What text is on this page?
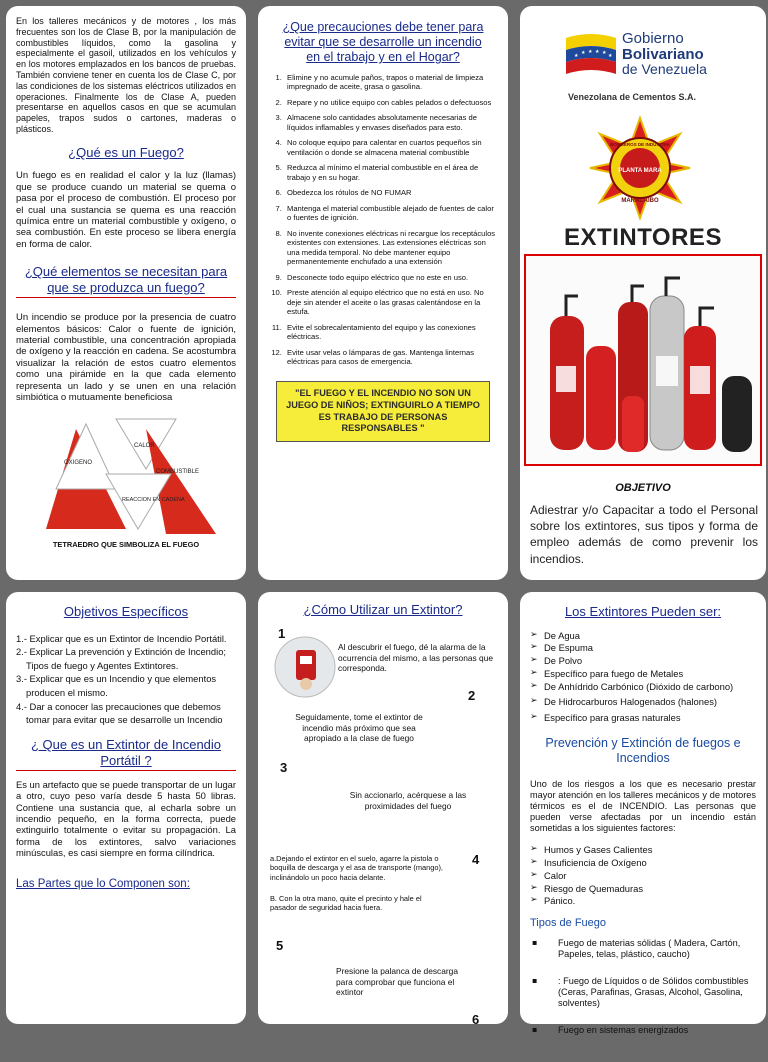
En los talleres mecánicos y de motores , los más frecuentes son los de Clase B, por la manipulación de combustibles líquidos, como la gasolina y especialmente el gasoil, utilizados en los vehículos y en los motores emplazados en los bancos de pruebas. También conviene tener en cuenta los de Clase C, por las condiciones de los sistemas eléctricos utilizados en operaciones. Finalmente los de Clase A, pueden presentarse en aquellos casos en que se acumulan papeles, trapos sudos o cartones, maderas o plásticos.

¿Qué es un Fuego?

Un fuego es en realidad el calor y la luz (llamas) que se produce cuando un material se quema o pasa por el proceso de combustión. El proceso por el cual una sustancia se quema es una reacción química entre un material combustible y oxígeno, o sea combustión. En este proceso se libera energía en forma de calor.

¿Qué elementos se necesitan para que se produzca un fuego?

Un incendio se produce por la presencia de cuatro elementos básicos: Calor o fuente de ignición, material combustible, una concentración apropiada de oxígeno y la reacción en cadena. Se acostumbra visualizar la relación de estos cuatro elementos como una pirámide en la que cada elemento representa un lado y se unen en una relación simbiótica o mutuamente beneficiosa

OXIGENO
CALOR
COMBUSTIBLE
REACCION EN CADENA

TETRAEDRO QUE SIMBOLIZA EL FUEGO

¿Que precauciones debe tener para evitar que se desarrolle un incendio en el trabajo y en el Hogar?
1. Elimine y no acumule paños, trapos o material de limpieza impregnado de aceite, grasa o gasolina.
2. Repare y no utilice equipo con cables pelados o defectuosos
3. Almacene solo cantidades absolutamente necesarias de líquidos inflamables y envases diseñados para esto.
4. No coloque equipo para calentar en cuartos pequeños sin ventilación o donde se almacena material combustible
5. Reduzca al mínimo el material combustible en el área de trabajo y en su hogar.
6. Obedezca los rótulos de NO FUMAR
7. Mantenga el material combustible alejado de fuentes de calor o fuentes de ignición.
8. No invente conexiones eléctricas ni recargue los receptáculos existentes con extensiones. Las extensiones eléctricas son una medida temporal. No debe mantener equipo permanentemente enchufado a una extensión
9. Desconecte todo equipo eléctrico que no este en uso.
10. Preste atención al equipo eléctrico que no está en uso. No deje sin atender el aceite o las grasas calentándose en la estufa.
11. Evite el sobrecalentamiento del equipo y las conexiones eléctricas.
12. Evite usar velas o lámparas de gas. Mantenga linternas eléctricas para casos de emergencia.
"EL FUEGO Y EL INCENDIO NO SON UN JUEGO DE NIÑOS; EXTINGUIRLO A TIEMPO ES TRABAJO DE PERSONAS RESPONSABLES "
★ ★ ★ ★ ★ ★
Gobierno
Bolivariano
de Venezuela
Venezolana de Cementos S.A.
BOMBEROS DE INDUSTRIA
PLANTA MARA
MARACAIBO
EXTINTORES
OBJETIVO
Adiestrar y/o Capacitar a todo el Personal sobre los extintores, sus tipos y forma de empleo además de como prevenir los incendios.
Objetivos Específicos

1.- Explicar que es un Extintor de Incendio Portátil.

2.- Explicar La prevención y Extinción de Incendio; Tipos de fuego y Agentes Extintores.

3.- Explicar que es un Incendio y que elementos producen el mismo.

4.- Dar a conocer las precauciones que debemos tomar para evitar que se desarrolle un Incendio

¿ Que es un Extintor de Incendio Portátil ?

Es un artefacto que se puede transportar de un lugar a otro, cuyo peso varía desde 5 hasta 50 libras. Contiene una sustancia que, al echarla sobre un incendio pequeño, en la forma correcta, puede extinguirlo totalmente o evitar su propagación. La forma de los extintores, salvo variaciones minúsculas, es casi siempre en forma cilíndrica.

Las Partes que lo Componen son:
¿Cómo Utilizar un Extintor?
1

Al descubrir el fuego, dé la alarma de la ocurrencia del mismo, a las personas que corresponda.

2

Seguidamente, tome el extintor de incendio más próximo que sea apropiado a la clase de fuego

3

Sin accionarlo, acérquese a las proximidades del fuego

a.Dejando el extintor en el suelo, agarre la pistola o boquilla de descarga y el asa de transporte (mango), inclinándolo un poco hacia delante.

4

B. Con la otra mano, quite el precinto y hale el pasador de seguridad hacia fuera.

5

Presione la palanca de descarga para comprobar que funciona el extintor

6
Los Extintores Pueden ser:
➢ De Agua
➢ De Espuma
➢ De Polvo
➢ Específico para fuego de Metales
➢ De Anhídrido Carbónico (Dióxido de carbono)
➢ De Hidrocarburos Halogenados (halones)
➢ Específico para grasas naturales
Prevención y Extinción de fuegos e Incendios

Uno de los riesgos a los que es necesario prestar mayor atención en los talleres mecánicos y de motores térmicos es el de INCENDIO. Las personas que pueden verse afectadas por un incendio están sometidas a los siguientes factores:

➢ Humos y Gases Calientes
➢ Insuficiencia de Oxígeno
➢ Calor
➢ Riesgo de Quemaduras
➢ Pánico.
Tipos de Fuego
▪ Fuego de materias sólidas ( Madera, Cartón, Papeles, telas, plástico, caucho)
▪ : Fuego de Líquidos o de Sólidos combustibles (Ceras, Parafinas, Grasas, Alcohol, Gasolina, solventes)
▪ Fuego en sistemas energizados
